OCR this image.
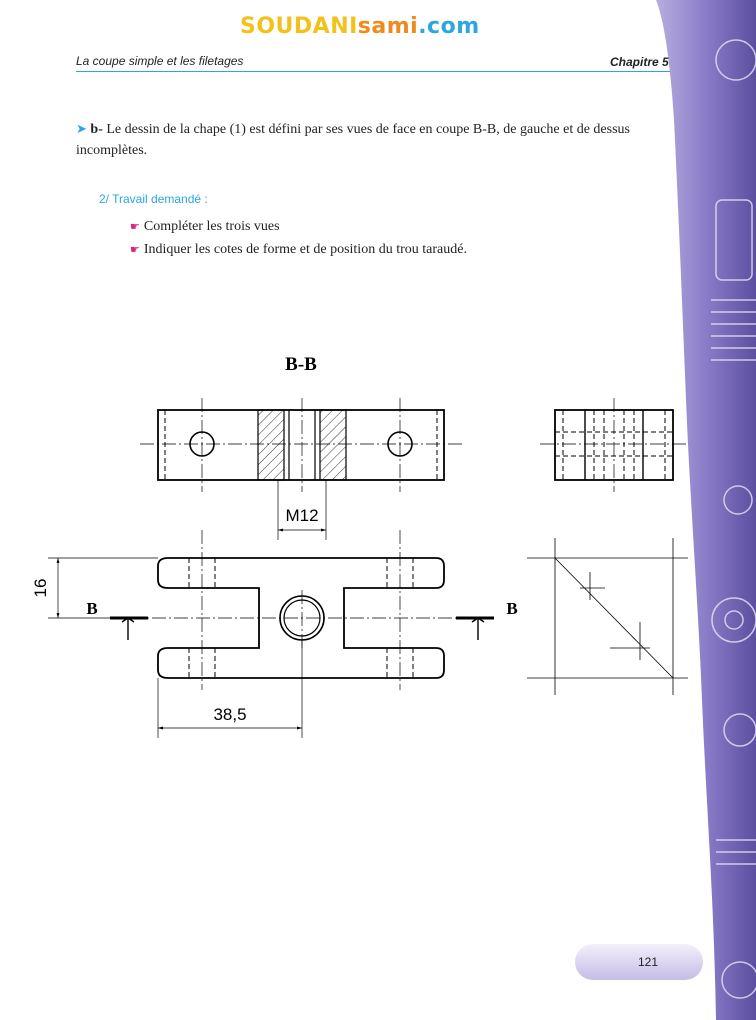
SOUDANIsami.com
La coupe simple et les filetages	Chapitre 5
➤ b- Le dessin de la chape (1) est défini par ses vues de face en coupe B-B, de gauche et de dessus incomplètes.
2/ Travail demandé :
☛ Compléter les trois vues
☛ Indiquer les cotes de forme et de position du trou taraudé.
121
B-B
M12
16
38,5
B	B
